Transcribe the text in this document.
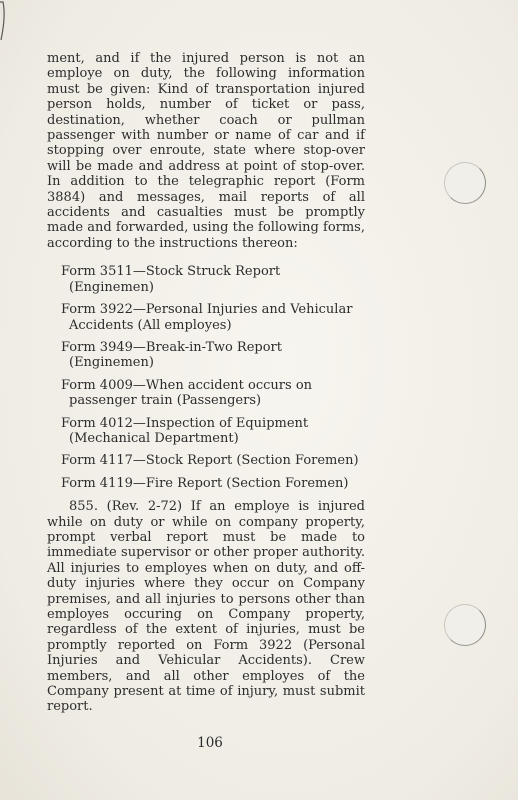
ment, and if the injured person is not an employe on duty, the following information must be given: Kind of transportation injured person holds, number of ticket or pass, destination, whether coach or pullman passenger with number or name of car and if stopping over enroute, state where stop-over will be made and address at point of stop-over. In addition to the telegraphic report (Form 3884) and messages, mail reports of all accidents and casualties must be promptly made and forwarded, using the following forms, according to the instructions thereon:

Form 3511—Stock Struck Report (Enginemen)
Form 3922—Personal Injuries and Vehicular Accidents (All employes)
Form 3949—Break-in-Two Report (Enginemen)
Form 4009—When accident occurs on passenger train (Passengers)
Form 4012—Inspection of Equipment (Mechanical Department)
Form 4117—Stock Report (Section Foremen)
Form 4119—Fire Report (Section Foremen)

855. (Rev. 2-72) If an employe is injured while on duty or while on company property, prompt verbal report must be made to immediate supervisor or other proper authority. All injuries to employes when on duty, and off-duty injuries where they occur on Company premises, and all injuries to persons other than employes occuring on Company property, regardless of the extent of injuries, must be promptly reported on Form 3922 (Personal Injuries and Vehicular Accidents). Crew members, and all other employes of the Company present at time of injury, must submit report.

106
